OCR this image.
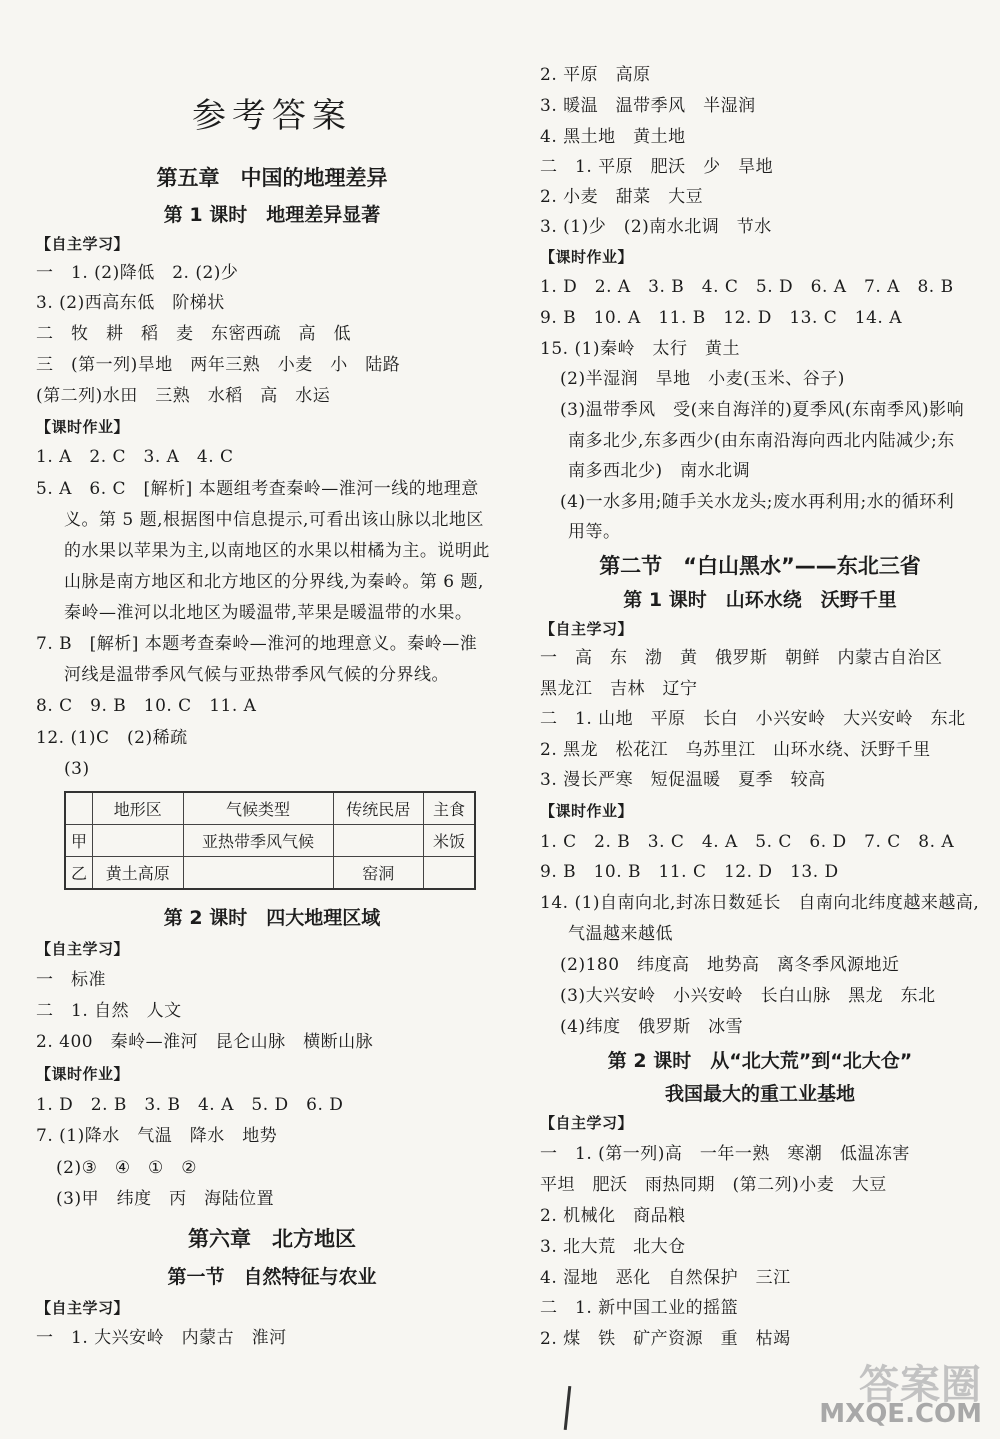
参考答案
第五章　中国的地理差异
第 1 课时　地理差异显著
【自主学习】
一　1. (2)降低　2. (2)少
3. (2)西高东低　阶梯状
二　牧　耕　稻　麦　东密西疏　高　低
三　(第一列)旱地　两年三熟　小麦　小　陆路
(第二列)水田　三熟　水稻　高　水运
【课时作业】
1. A　2. C　3. A　4. C
5. A　6. C　[解析] 本题组考查秦岭—淮河一线的地理意
义。第 5 题,根据图中信息提示,可看出该山脉以北地区
的水果以苹果为主,以南地区的水果以柑橘为主。说明此
山脉是南方地区和北方地区的分界线,为秦岭。第 6 题,
秦岭—淮河以北地区为暖温带,苹果是暖温带的水果。
7. B　[解析] 本题考查秦岭—淮河的地理意义。秦岭—淮
河线是温带季风气候与亚热带季风气候的分界线。
8. C　9. B　10. C　11. A
12. (1)C　(2)稀疏
(3)
	地形区	气候类型	传统民居	主食
甲		亚热带季风气候		米饭
乙	黄土高原		窑洞	
第 2 课时　四大地理区域
【自主学习】
一　标准
二　1. 自然　人文
2. 400　秦岭—淮河　昆仑山脉　横断山脉
【课时作业】
1. D　2. B　3. B　4. A　5. D　6. D
7. (1)降水　气温　降水　地势
(2)③　④　①　②
(3)甲　纬度　丙　海陆位置
第六章　北方地区
第一节　自然特征与农业
【自主学习】
一　1. 大兴安岭　内蒙古　淮河
2. 平原　高原
3. 暖温　温带季风　半湿润
4. 黑土地　黄土地
二　1. 平原　肥沃　少　旱地
2. 小麦　甜菜　大豆
3. (1)少　(2)南水北调　节水
【课时作业】
1. D　2. A　3. B　4. C　5. D　6. A　7. A　8. B
9. B　10. A　11. B　12. D　13. C　14. A
15. (1)秦岭　太行　黄土
(2)半湿润　旱地　小麦(玉米、谷子)
(3)温带季风　受(来自海洋的)夏季风(东南季风)影响
南多北少,东多西少(由东南沿海向西北内陆减少;东
南多西北少)　南水北调
(4)一水多用;随手关水龙头;废水再利用;水的循环利
用等。
第二节　“白山黑水”——东北三省
第 1 课时　山环水绕　沃野千里
【自主学习】
一　高　东　渤　黄　俄罗斯　朝鲜　内蒙古自治区
黑龙江　吉林　辽宁
二　1. 山地　平原　长白　小兴安岭　大兴安岭　东北
2. 黑龙　松花江　乌苏里江　山环水绕、沃野千里
3. 漫长严寒　短促温暖　夏季　较高
【课时作业】
1. C　2. B　3. C　4. A　5. C　6. D　7. C　8. A
9. B　10. B　11. C　12. D　13. D
14. (1)自南向北,封冻日数延长　自南向北纬度越来越高,
气温越来越低
(2)180　纬度高　地势高　离冬季风源地近
(3)大兴安岭　小兴安岭　长白山脉　黑龙　东北
(4)纬度　俄罗斯　冰雪
第 2 课时　从“北大荒”到“北大仓”
我国最大的重工业基地
【自主学习】
一　1. (第一列)高　一年一熟　寒潮　低温冻害
平坦　肥沃　雨热同期　(第二列)小麦　大豆
2. 机械化　商品粮
3. 北大荒　北大仓
4. 湿地　恶化　自然保护　三江
二　1. 新中国工业的摇篮
2. 煤　铁　矿产资源　重　枯竭
答案圈
MXQE.COM
